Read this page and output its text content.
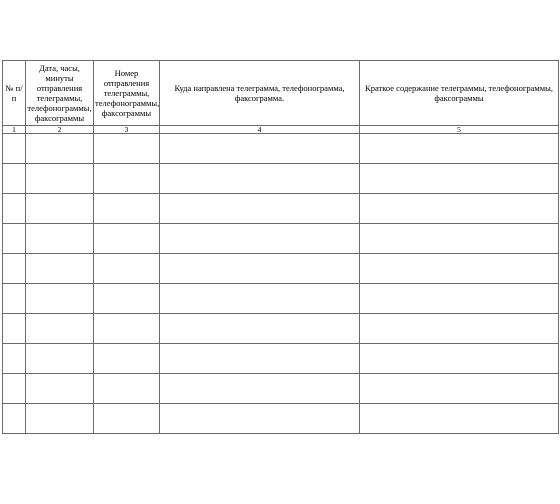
№ п/п	Дата, часы, минуты отправления телеграммы, телефонограммы, факсограммы	Номер отправления телеграммы, телефонограммы, факсограммы	Куда направлена телеграмма, телефонограмма, факсограмма.	Краткое содержание телеграммы, телефонограммы, факсограммы
1	2	3	4	5
